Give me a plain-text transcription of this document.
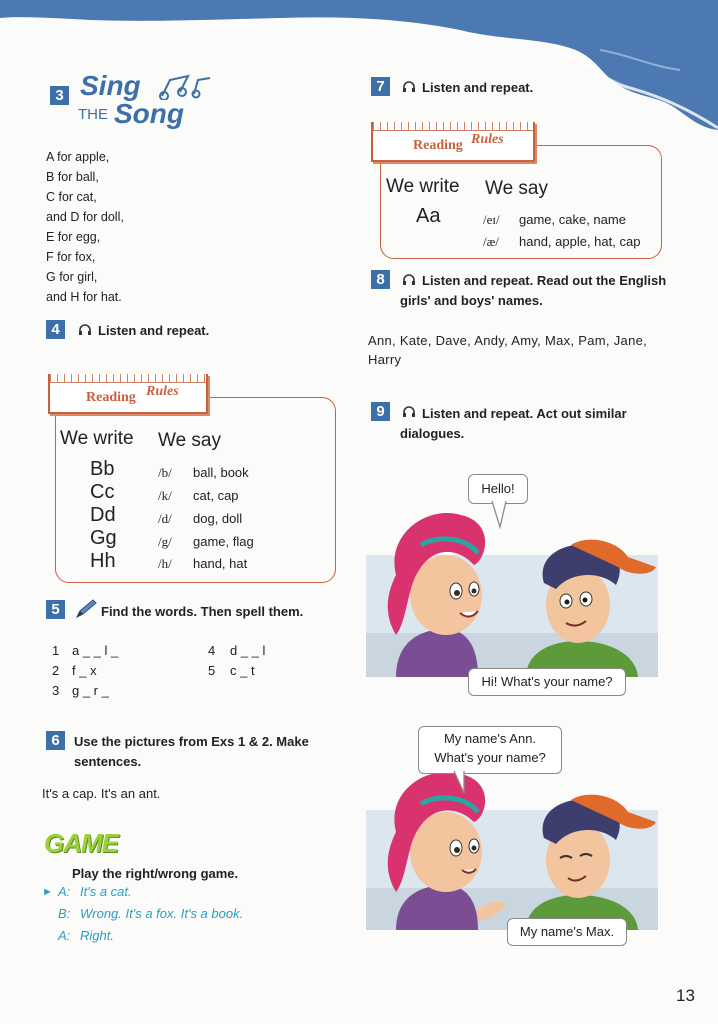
3 Sing
THE Song
A for apple,
B for ball,
C for cat,
and D for doll,
E for egg,
F for fox,
G for girl,
and H for hat.
4	Listen and repeat.
Reading Rules
We write We say
Bb	/b/ ball, book
Cc	/k/ cat, cap
Dd	/d/ dog, doll
Gg	/g/ game, flag
Hh	/h/ hand, hat
5	Find the words. Then spell them.
1 a _ _ l _
2 f _ x
3 g _ r _
4 d _ _ l
5 c _ t
6	Use the pictures from Exs 1 & 2. Make
sentences.
It's a cap. It's an ant.
GAME
Play the right/wrong game.
► A: It's a cat.
B: Wrong. It's a fox. It's a book.
A: Right.
7	Listen and repeat.
Reading Rules
We write We say
Aa	/eɪ/ game, cake, name
/æ/ hand, apple, hat, cap
8	Listen and repeat. Read out the English
girls' and boys' names.
Ann, Kate, Dave, Andy, Amy, Max, Pam, Jane,
Harry
9	Listen and repeat. Act out similar
dialogues.
Hello!
Hi! What's your name?
My name's Ann.
What's your name?
My name's Max.
13
